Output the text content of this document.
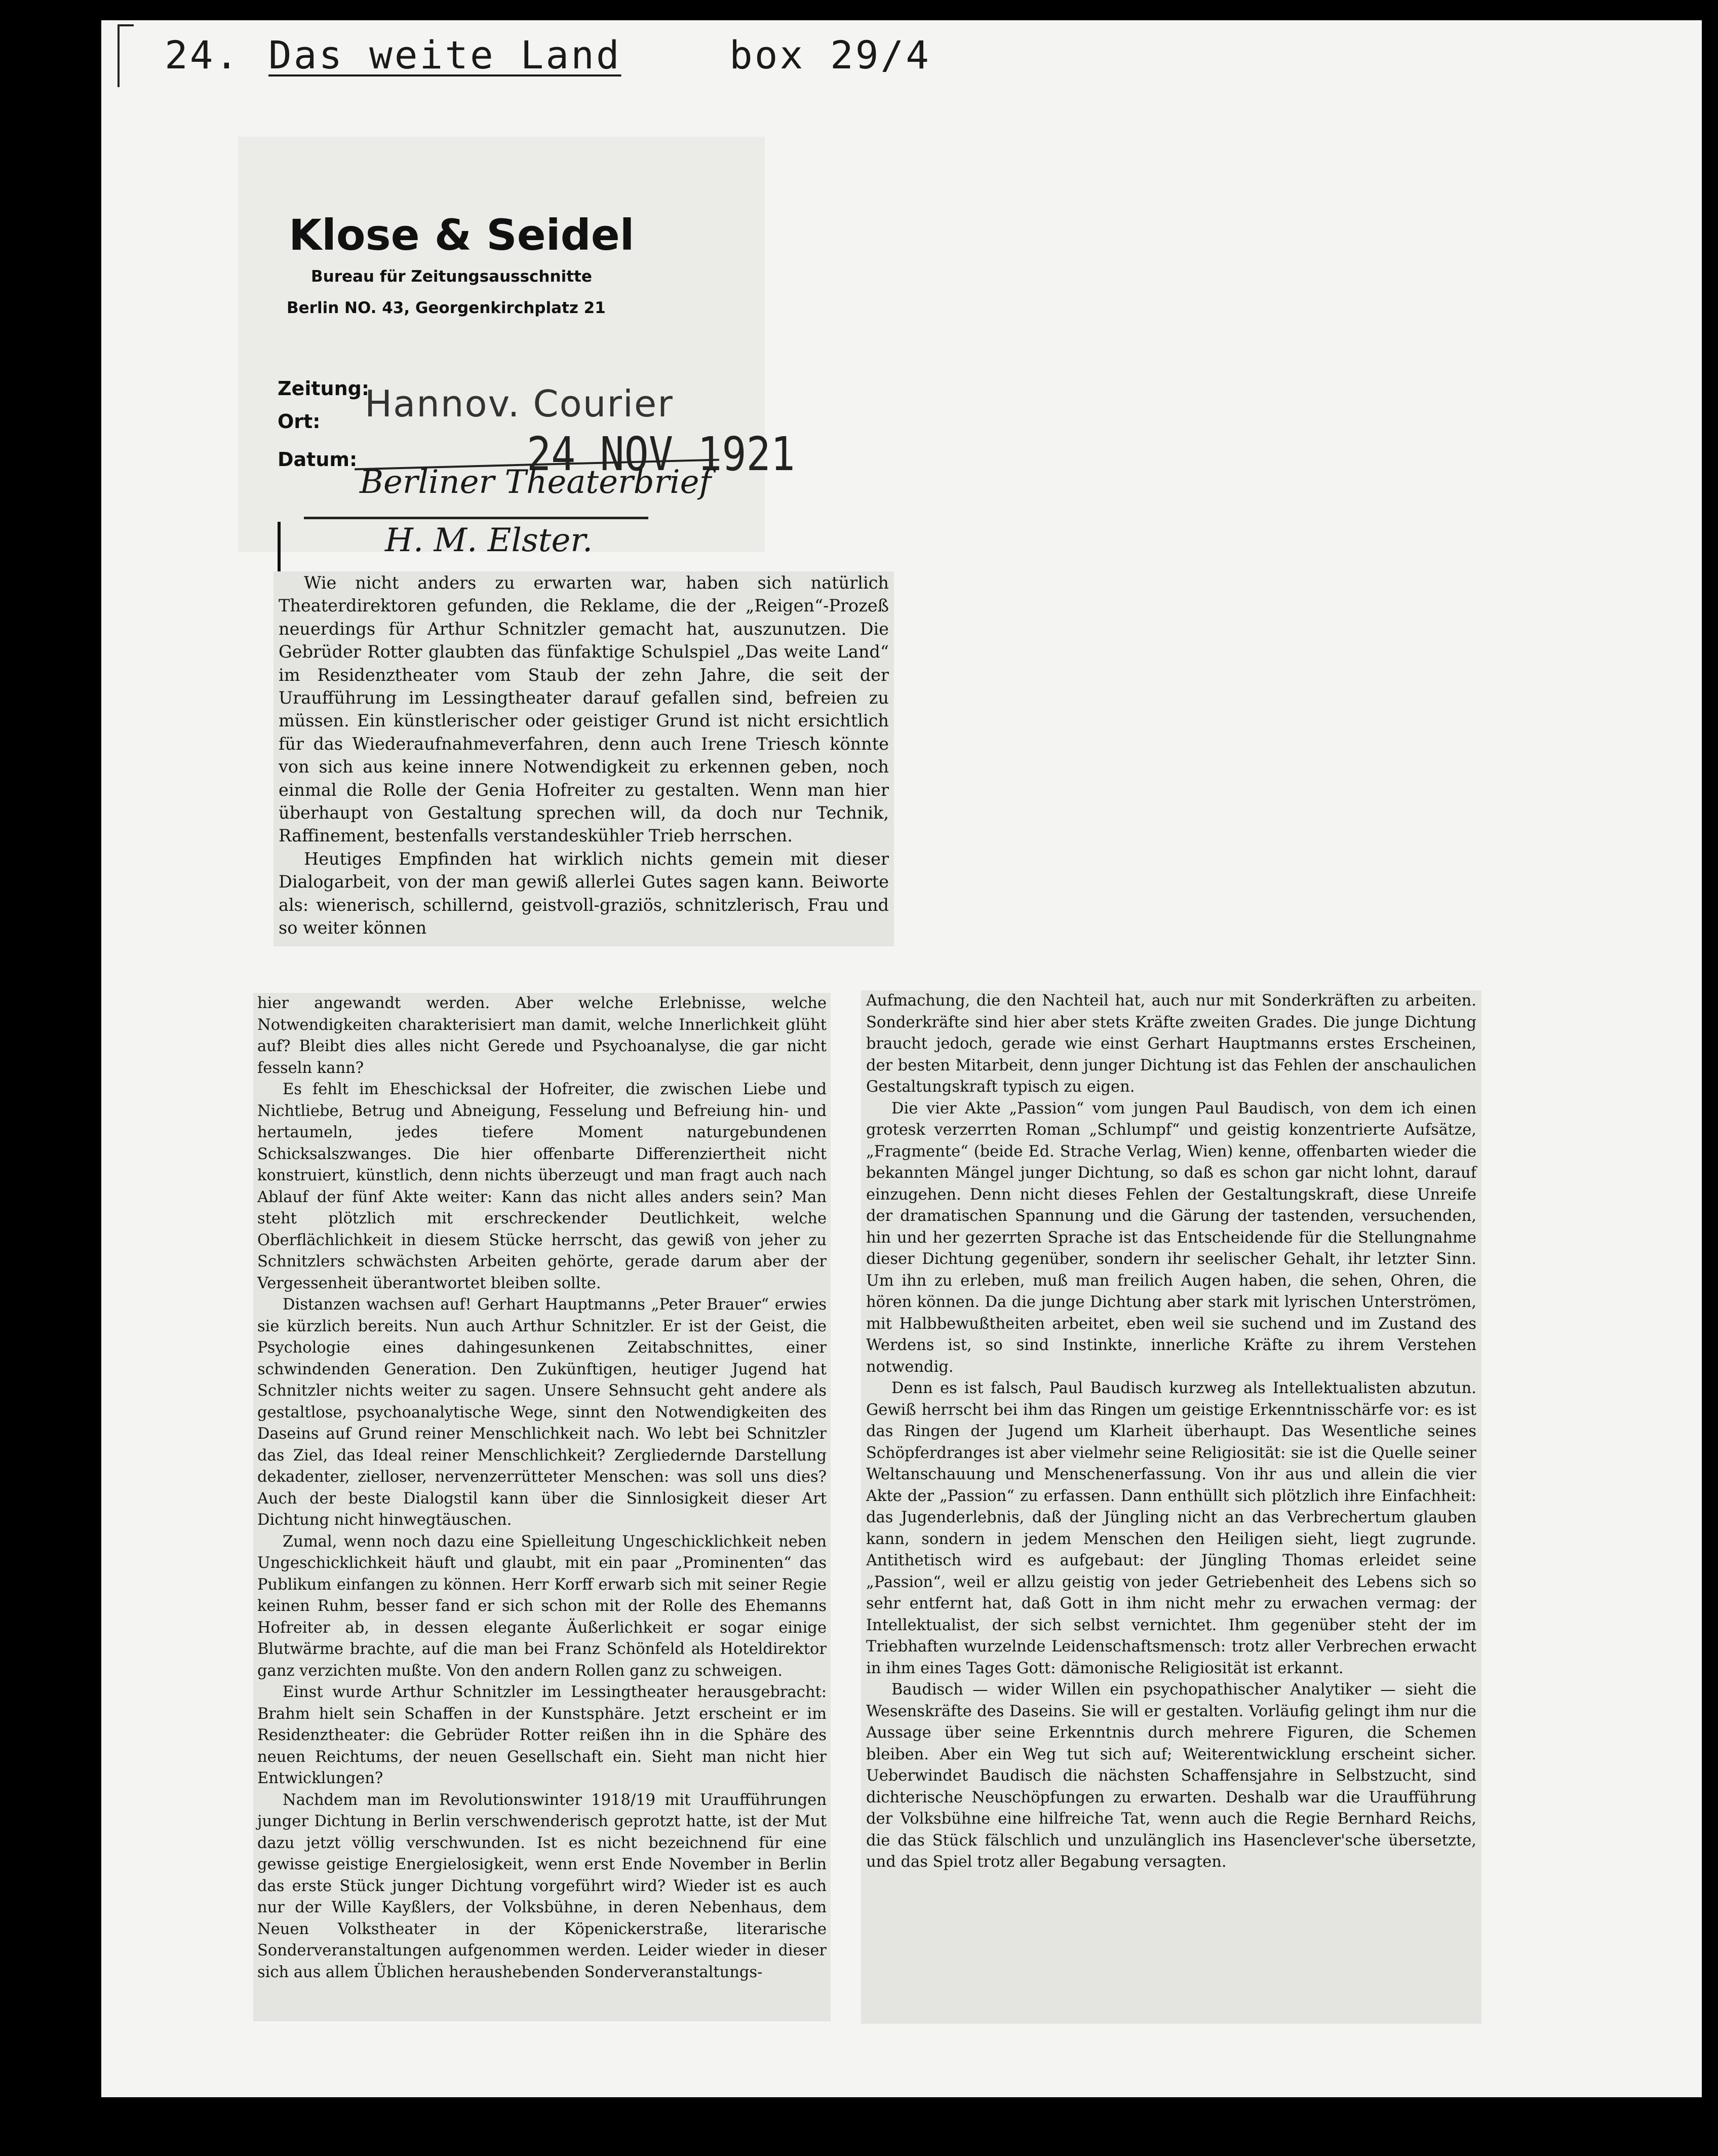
24. Das weite Land	box 29/4
Klose & Seidel
Bureau für Zeitungsausschnitte
Berlin NO. 43, Georgenkirchplatz 21
Zeitung:
Ort:
Datum:
Hannov. Courier
24 NOV 1921
Berliner Theaterbrief
H. M. Elster.

Wie nicht anders zu erwarten war, haben sich natürlich Theaterdirektoren gefunden, die Reklame, die der „Reigen“-Prozeß neuerdings für Arthur Schnitzler gemacht hat, auszunutzen. Die Gebrüder Rotter glaubten das fünfaktige Schulspiel „Das weite Land“ im Residenztheater vom Staub der zehn Jahre, die seit der Uraufführung im Lessingtheater darauf gefallen sind, befreien zu müssen. Ein künstlerischer oder geistiger Grund ist nicht ersichtlich für das Wiederaufnahmeverfahren, denn auch Irene Triesch könnte von sich aus keine innere Notwendigkeit zu erkennen geben, noch einmal die Rolle der Genia Hofreiter zu gestalten. Wenn man hier überhaupt von Gestaltung sprechen will, da doch nur Technik, Raffinement, bestenfalls verstandeskühler Trieb herrschen.

Heutiges Empfinden hat wirklich nichts gemein mit dieser Dialogarbeit, von der man gewiß allerlei Gutes sagen kann. Beiworte als: wienerisch, schillernd, geistvoll-graziös, schnitzlerisch, Frau und so weiter können

hier angewandt werden. Aber welche Erlebnisse, welche Notwendigkeiten charakterisiert man damit, welche Innerlichkeit glüht auf? Bleibt dies alles nicht Gerede und Psychoanalyse, die gar nicht fesseln kann?

Es fehlt im Eheschicksal der Hofreiter, die zwischen Liebe und Nichtliebe, Betrug und Abneigung, Fesselung und Befreiung hin- und hertaumeln, jedes tiefere Moment naturgebundenen Schicksalszwanges. Die hier offenbarte Differenziertheit nicht konstruiert, künstlich, denn nichts überzeugt und man fragt auch nach Ablauf der fünf Akte weiter: Kann das nicht alles anders sein? Man steht plötzlich mit erschreckender Deutlichkeit, welche Oberflächlichkeit in diesem Stücke herrscht, das gewiß von jeher zu Schnitzlers schwächsten Arbeiten gehörte, gerade darum aber der Vergessenheit überantwortet bleiben sollte.

Distanzen wachsen auf! Gerhart Hauptmanns „Peter Brauer“ erwies sie kürzlich bereits. Nun auch Arthur Schnitzler. Er ist der Geist, die Psychologie eines dahingesunkenen Zeitabschnittes, einer schwindenden Generation. Den Zukünftigen, heutiger Jugend hat Schnitzler nichts weiter zu sagen. Unsere Sehnsucht geht andere als gestaltlose, psychoanalytische Wege, sinnt den Notwendigkeiten des Daseins auf Grund reiner Menschlichkeit nach. Wo lebt bei Schnitzler das Ziel, das Ideal reiner Menschlichkeit? Zergliedernde Darstellung dekadenter, zielloser, nervenzerrütteter Menschen: was soll uns dies? Auch der beste Dialogstil kann über die Sinnlosigkeit dieser Art Dichtung nicht hinwegtäuschen.

Zumal, wenn noch dazu eine Spielleitung Ungeschicklichkeit neben Ungeschicklichkeit häuft und glaubt, mit ein paar „Prominenten“ das Publikum einfangen zu können. Herr Korff erwarb sich mit seiner Regie keinen Ruhm, besser fand er sich schon mit der Rolle des Ehemanns Hofreiter ab, in dessen elegante Äußerlichkeit er sogar einige Blutwärme brachte, auf die man bei Franz Schönfeld als Hoteldirektor ganz verzichten mußte. Von den andern Rollen ganz zu schweigen.

Einst wurde Arthur Schnitzler im Lessingtheater herausgebracht: Brahm hielt sein Schaffen in der Kunstsphäre. Jetzt erscheint er im Residenztheater: die Gebrüder Rotter reißen ihn in die Sphäre des neuen Reichtums, der neuen Gesellschaft ein. Sieht man nicht hier Entwicklungen?

Nachdem man im Revolutionswinter 1918/19 mit Uraufführungen junger Dichtung in Berlin verschwenderisch geprotzt hatte, ist der Mut dazu jetzt völlig verschwunden. Ist es nicht bezeichnend für eine gewisse geistige Energielosigkeit, wenn erst Ende November in Berlin das erste Stück junger Dichtung vorgeführt wird? Wieder ist es auch nur der Wille Kayßlers, der Volksbühne, in deren Nebenhaus, dem Neuen Volkstheater in der Köpenickerstraße, literarische Sonderveranstaltungen aufgenommen werden. Leider wieder in dieser sich aus allem Üblichen heraushebenden Sonderveranstaltungs-

Aufmachung, die den Nachteil hat, auch nur mit Sonderkräften zu arbeiten. Sonderkräfte sind hier aber stets Kräfte zweiten Grades. Die junge Dichtung braucht jedoch, gerade wie einst Gerhart Hauptmanns erstes Erscheinen, der besten Mitarbeit, denn junger Dichtung ist das Fehlen der anschaulichen Gestaltungskraft typisch zu eigen.

Die vier Akte „Passion“ vom jungen Paul Baudisch, von dem ich einen grotesk verzerrten Roman „Schlumpf“ und geistig konzentrierte Aufsätze, „Fragmente“ (beide Ed. Strache Verlag, Wien) kenne, offenbarten wieder die bekannten Mängel junger Dichtung, so daß es schon gar nicht lohnt, darauf einzugehen. Denn nicht dieses Fehlen der Gestaltungskraft, diese Unreife der dramatischen Spannung und die Gärung der tastenden, versuchenden, hin und her gezerrten Sprache ist das Entscheidende für die Stellungnahme dieser Dichtung gegenüber, sondern ihr seelischer Gehalt, ihr letzter Sinn. Um ihn zu erleben, muß man freilich Augen haben, die sehen, Ohren, die hören können. Da die junge Dichtung aber stark mit lyrischen Unterströmen, mit Halbbewußtheiten arbeitet, eben weil sie suchend und im Zustand des Werdens ist, so sind Instinkte, innerliche Kräfte zu ihrem Verstehen notwendig.

Denn es ist falsch, Paul Baudisch kurzweg als Intellektualisten abzutun. Gewiß herrscht bei ihm das Ringen um geistige Erkenntnisschärfe vor: es ist das Ringen der Jugend um Klarheit überhaupt. Das Wesentliche seines Schöpferdranges ist aber vielmehr seine Religiosität: sie ist die Quelle seiner Weltanschauung und Menschenerfassung. Von ihr aus und allein die vier Akte der „Passion“ zu erfassen. Dann enthüllt sich plötzlich ihre Einfachheit: das Jugenderlebnis, daß der Jüngling nicht an das Verbrechertum glauben kann, sondern in jedem Menschen den Heiligen sieht, liegt zugrunde. Antithetisch wird es aufgebaut: der Jüngling Thomas erleidet seine „Passion“, weil er allzu geistig von jeder Getriebenheit des Lebens sich so sehr entfernt hat, daß Gott in ihm nicht mehr zu erwachen vermag: der Intellektualist, der sich selbst vernichtet. Ihm gegenüber steht der im Triebhaften wurzelnde Leidenschaftsmensch: trotz aller Verbrechen erwacht in ihm eines Tages Gott: dämonische Religiosität ist erkannt.

Baudisch — wider Willen ein psychopathischer Analytiker — sieht die Wesenskräfte des Daseins. Sie will er gestalten. Vorläufig gelingt ihm nur die Aussage über seine Erkenntnis durch mehrere Figuren, die Schemen bleiben. Aber ein Weg tut sich auf; Weiterentwicklung erscheint sicher. Ueberwindet Baudisch die nächsten Schaffensjahre in Selbstzucht, sind dichterische Neuschöpfungen zu erwarten. Deshalb war die Uraufführung der Volksbühne eine hilfreiche Tat, wenn auch die Regie Bernhard Reichs, die das Stück fälschlich und unzulänglich ins Hasenclever'sche übersetzte, und das Spiel trotz aller Begabung versagten.
